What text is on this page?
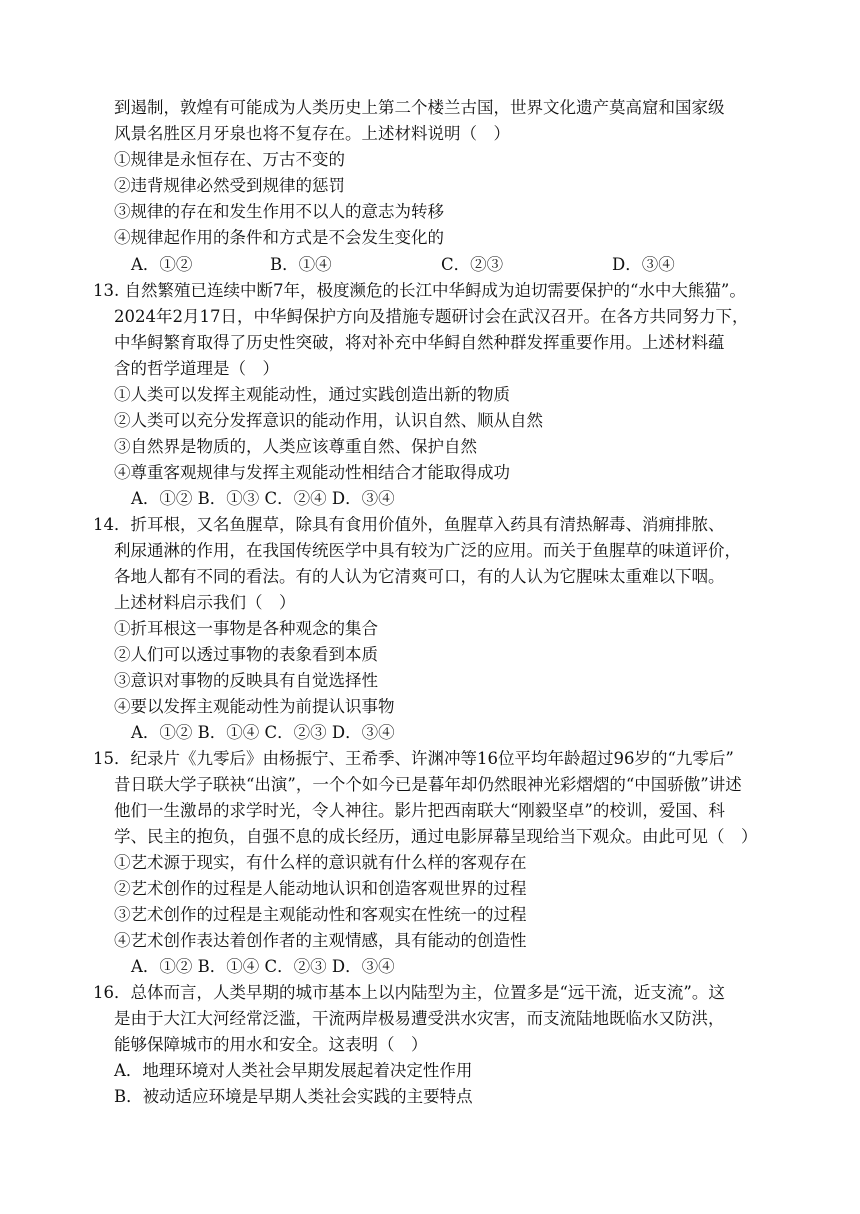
到遏制，敦煌有可能成为人类历史上第二个楼兰古国，世界文化遗产莫高窟和国家级
风景名胜区月牙泉也将不复存在。上述材料说明（　）
①规律是永恒存在、万古不变的
②违背规律必然受到规律的惩罚
③规律的存在和发生作用不以人的意志为转移
④规律起作用的条件和方式是不会发生变化的
A．①②	B．①④	C．②③	D．③④
13. 自然繁殖已连续中断7年，极度濒危的长江中华鲟成为迫切需要保护的“水中大熊猫”。
2024年2月17日，中华鲟保护方向及措施专题研讨会在武汉召开。在各方共同努力下，
中华鲟繁育取得了历史性突破，将对补充中华鲟自然种群发挥重要作用。上述材料蕴
含的哲学道理是（　）
①人类可以发挥主观能动性，通过实践创造出新的物质
②人类可以充分发挥意识的能动作用，认识自然、顺从自然
③自然界是物质的，人类应该尊重自然、保护自然
④尊重客观规律与发挥主观能动性相结合才能取得成功
A．①② B．①③ C．②④ D．③④
14．折耳根，又名鱼腥草，除具有食用价值外，鱼腥草入药具有清热解毒、消痈排脓、
利尿通淋的作用，在我国传统医学中具有较为广泛的应用。而关于鱼腥草的味道评价，
各地人都有不同的看法。有的人认为它清爽可口，有的人认为它腥味太重难以下咽。
上述材料启示我们（　）
①折耳根这一事物是各种观念的集合
②人们可以透过事物的表象看到本质
③意识对事物的反映具有自觉选择性
④要以发挥主观能动性为前提认识事物
A．①② B．①④ C．②③ D．③④
15．纪录片《九零后》由杨振宁、王希季、许渊冲等16位平均年龄超过96岁的“九零后”
昔日联大学子联袂“出演”，一个个如今已是暮年却仍然眼神光彩熠熠的“中国骄傲”讲述
他们一生激昂的求学时光，令人神往。影片把西南联大“刚毅坚卓”的校训，爱国、科
学、民主的抱负，自强不息的成长经历，通过电影屏幕呈现给当下观众。由此可见（　）
①艺术源于现实，有什么样的意识就有什么样的客观存在
②艺术创作的过程是人能动地认识和创造客观世界的过程
③艺术创作的过程是主观能动性和客观实在性统一的过程
④艺术创作表达着创作者的主观情感，具有能动的创造性
A．①② B．①④ C．②③ D．③④
16．总体而言，人类早期的城市基本上以内陆型为主，位置多是“远干流，近支流”。这
是由于大江大河经常泛滥，干流两岸极易遭受洪水灾害，而支流陆地既临水又防洪，
能够保障城市的用水和安全。这表明（　）
A．地理环境对人类社会早期发展起着决定性作用
B．被动适应环境是早期人类社会实践的主要特点
